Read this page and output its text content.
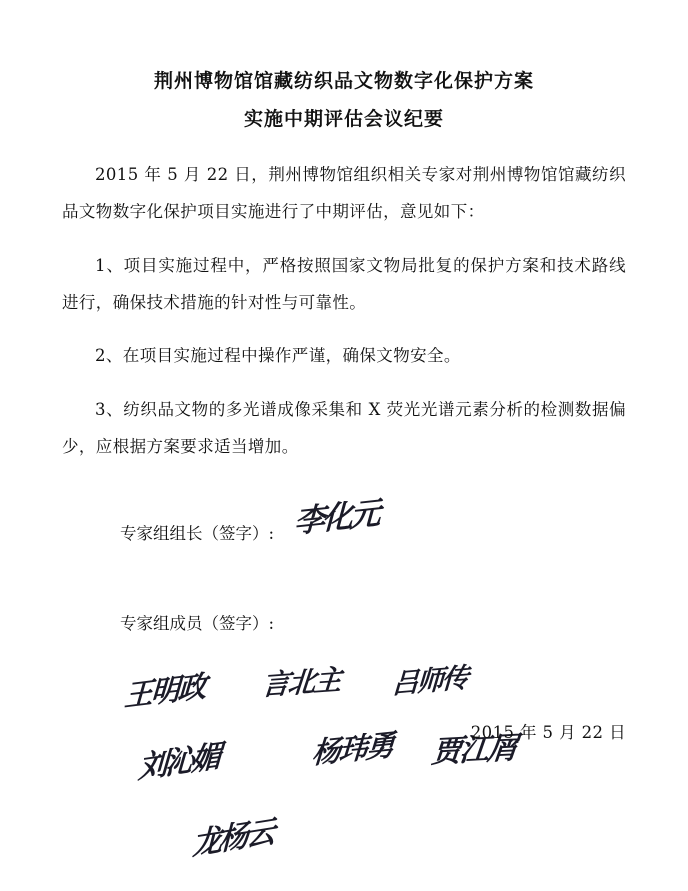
荆州博物馆馆藏纺织品文物数字化保护方案
实施中期评估会议纪要

2015 年 5 月 22 日，荆州博物馆组织相关专家对荆州博物馆馆藏纺织品文物数字化保护项目实施进行了中期评估，意见如下：

1、项目实施过程中，严格按照国家文物局批复的保护方案和技术路线进行，确保技术措施的针对性与可靠性。

2、在项目实施过程中操作严谨，确保文物安全。

3、纺织品文物的多光谱成像采集和 X 荧光光谱元素分析的检测数据偏少，应根据方案要求适当增加。

专家组组长（签字）: 李化元
专家组成员（签字）:
王明政 言北主 吕师传
杨玮勇 贾江屑
刘沁媚
龙杨云
2015 年 5 月 22 日
